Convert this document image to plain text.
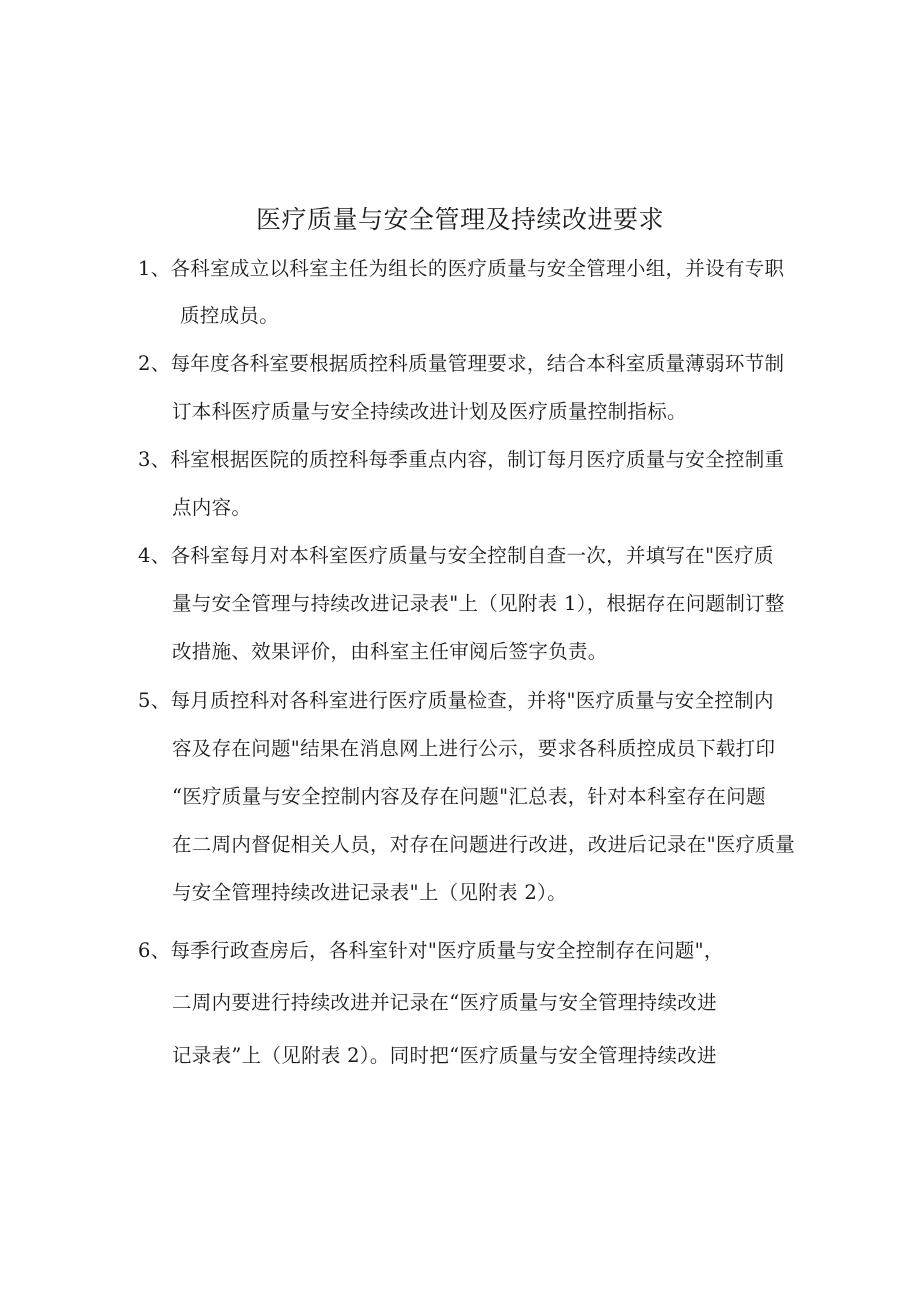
医疗质量与安全管理及持续改进要求
1、各科室成立以科室主任为组长的医疗质量与安全管理小组，并设有专职
质控成员。
2、每年度各科室要根据质控科质量管理要求，结合本科室质量薄弱环节制
订本科医疗质量与安全持续改进计划及医疗质量控制指标。
3、科室根据医院的质控科每季重点内容，制订每月医疗质量与安全控制重
点内容。
4、各科室每月对本科室医疗质量与安全控制自查一次，并填写在"医疗质
量与安全管理与持续改进记录表"上（见附表 1），根据存在问题制订整
改措施、效果评价，由科室主任审阅后签字负责。
5、每月质控科对各科室进行医疗质量检查，并将"医疗质量与安全控制内
容及存在问题"结果在消息网上进行公示，要求各科质控成员下载打印
“医疗质量与安全控制内容及存在问题"汇总表，针对本科室存在问题
在二周内督促相关人员，对存在问题进行改进，改进后记录在"医疗质量
与安全管理持续改进记录表"上（见附表 2）。
6、每季行政查房后，各科室针对"医疗质量与安全控制存在问题"，
二周内要进行持续改进并记录在“医疗质量与安全管理持续改进
记录表”上（见附表 2）。同时把“医疗质量与安全管理持续改进
